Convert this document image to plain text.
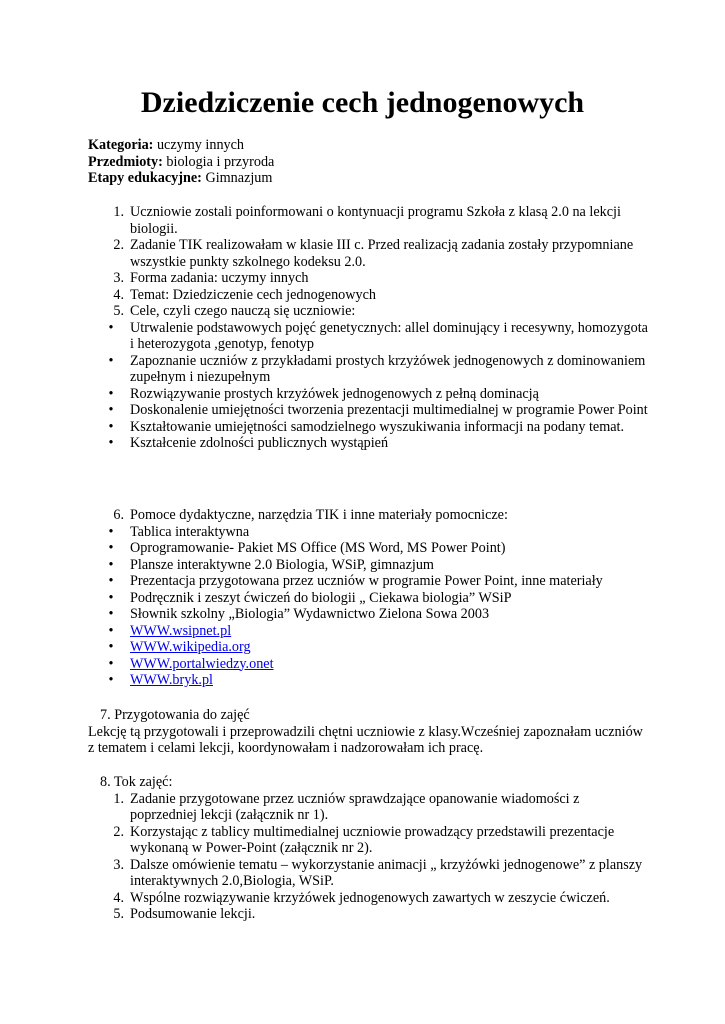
Dziedziczenie cech jednogenowych
Kategoria: uczymy innych
Przedmioty: biologia i przyroda
Etapy edukacyjne: Gimnazjum
1. Uczniowie zostali poinformowani o kontynuacji programu Szkoła z klasą 2.0 na lekcji biologii.
2. Zadanie TIK realizowałam w klasie III c. Przed realizacją zadania zostały przypomniane wszystkie punkty szkolnego kodeksu 2.0.
3. Forma zadania: uczymy innych
4. Temat: Dziedziczenie cech jednogenowych
5. Cele, czyli czego nauczą się uczniowie:
• Utrwalenie podstawowych pojęć genetycznych: allel dominujący i recesywny, homozygota i heterozygota ,genotyp, fenotyp
• Zapoznanie uczniów z przykładami prostych krzyżówek jednogenowych z dominowaniem zupełnym i niezupełnym
• Rozwiązywanie prostych krzyżówek jednogenowych z pełną dominacją
• Doskonalenie umiejętności tworzenia prezentacji multimedialnej w programie Power Point
• Kształtowanie umiejętności samodzielnego wyszukiwania informacji na podany temat.
• Kształcenie zdolności publicznych wystąpień
6. Pomoce dydaktyczne, narzędzia TIK i inne materiały pomocnicze:
• Tablica interaktywna
• Oprogramowanie- Pakiet MS Office (MS Word, MS Power Point)
• Plansze interaktywne 2.0 Biologia, WSiP, gimnazjum
• Prezentacja przygotowana przez uczniów w programie Power Point, inne materiały
• Podręcznik i zeszyt ćwiczeń do biologii „ Ciekawa biologia” WSiP
• Słownik szkolny „Biologia” Wydawnictwo Zielona Sowa 2003
• WWW.wsipnet.pl
• WWW.wikipedia.org
• WWW.portalwiedzy.onet
• WWW.bryk.pl
7. Przygotowania do zajęć
Lekcję tą przygotowali i przeprowadzili chętni uczniowie z klasy.Wcześniej zapoznałam uczniów z tematem i celami lekcji, koordynowałam i nadzorowałam ich pracę.
8. Tok zajęć:
1. Zadanie przygotowane przez uczniów sprawdzające opanowanie wiadomości z poprzedniej lekcji (załącznik nr 1).
2. Korzystając z tablicy multimedialnej uczniowie prowadzący przedstawili prezentacje wykonaną w Power-Point (załącznik nr 2).
3. Dalsze omówienie tematu – wykorzystanie animacji „ krzyżówki jednogenowe” z planszy interaktywnych 2.0,Biologia, WSiP.
4. Wspólne rozwiązywanie krzyżówek jednogenowych zawartych w zeszycie ćwiczeń.
5. Podsumowanie lekcji.
